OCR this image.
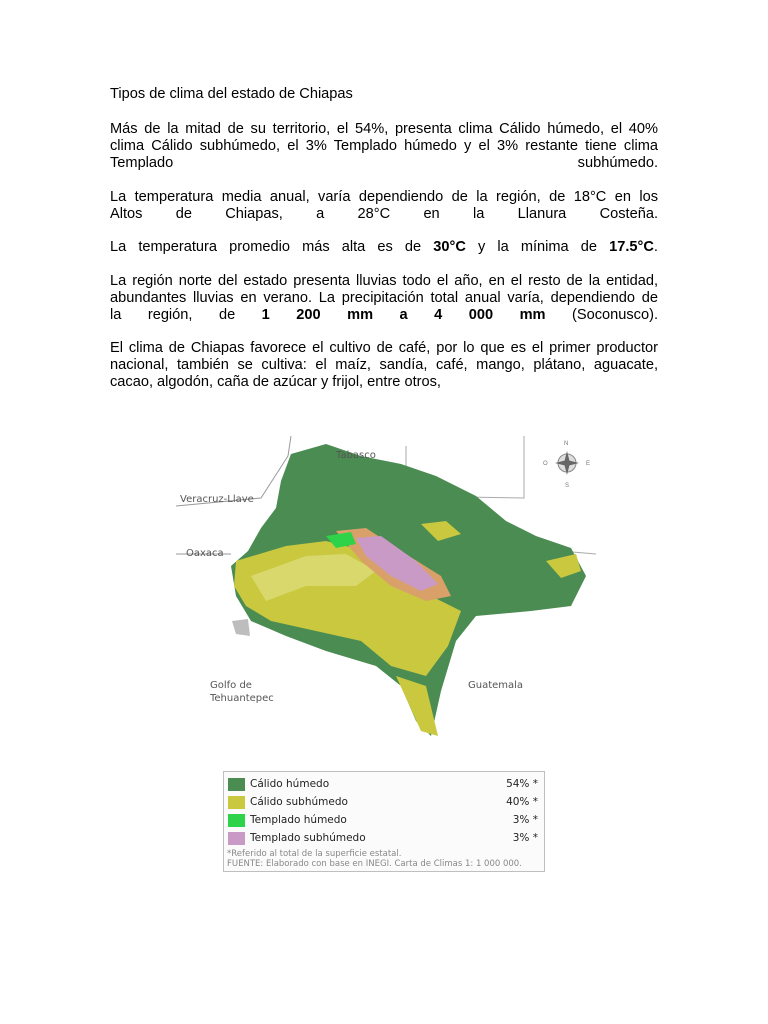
Tipos de clima del estado de Chiapas
Más de la mitad de su territorio, el 54%, presenta clima Cálido húmedo, el 40%
clima Cálido subhúmedo, el 3% Templado húmedo y el 3% restante tiene clima
Templado subhúmedo.
La temperatura media anual, varía dependiendo de la región, de 18°C en los
Altos de Chiapas, a 28°C en la Llanura Costeña.
La temperatura promedio más alta es de 30°C y la mínima de 17.5°C.
La región norte del estado presenta lluvias todo el año, en el resto de la entidad,
abundantes lluvias en verano. La precipitación total anual varía, dependiendo de
la región, de 1 200 mm a 4 000 mm (Soconusco).
El clima de Chiapas favorece el cultivo de café, por lo que es el primer productor
nacional, también se cultiva: el maíz, sandía, café, mango, plátano, aguacate,
cacao, algodón, caña de azúcar y frijol, entre otros,
Tabasco
Veracruz-Llave
Oaxaca
Golfo de
Tehuantepec
Guatemala
N
S
E
O
Cálido húmedo	54% *
Cálido subhúmedo	40% *
Templado húmedo	3% *
Templado subhúmedo	3% *
*Referido al total de la superficie estatal.
FUENTE: Elaborado con base en INEGI. Carta de Climas 1: 1 000 000.
